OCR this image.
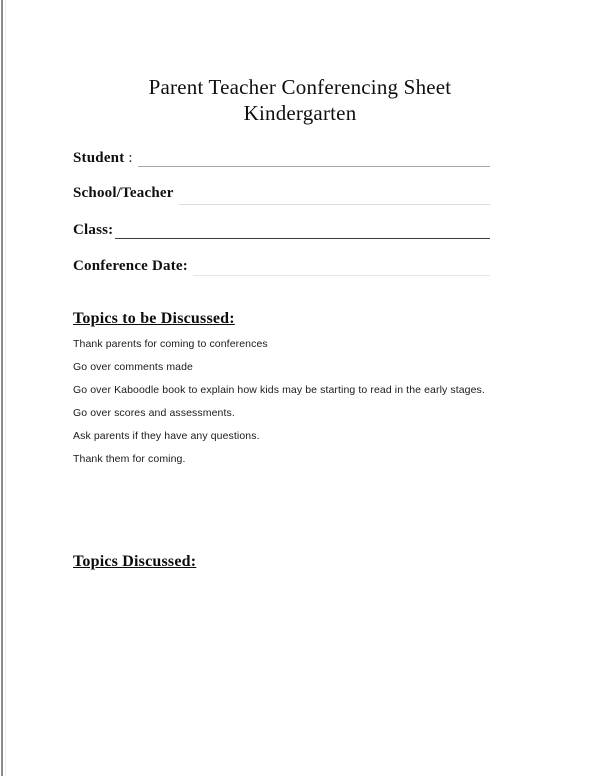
Parent Teacher Conferencing Sheet
Kindergarten
Student :
School/Teacher
Class:
Conference Date:
Topics to be Discussed:
Thank parents for coming to conferences
Go over comments made
Go over Kaboodle book to explain how kids may be starting to read in the early stages.
Go over scores and assessments.
Ask parents if they have any questions.
Thank them for coming.
Topics Discussed:
